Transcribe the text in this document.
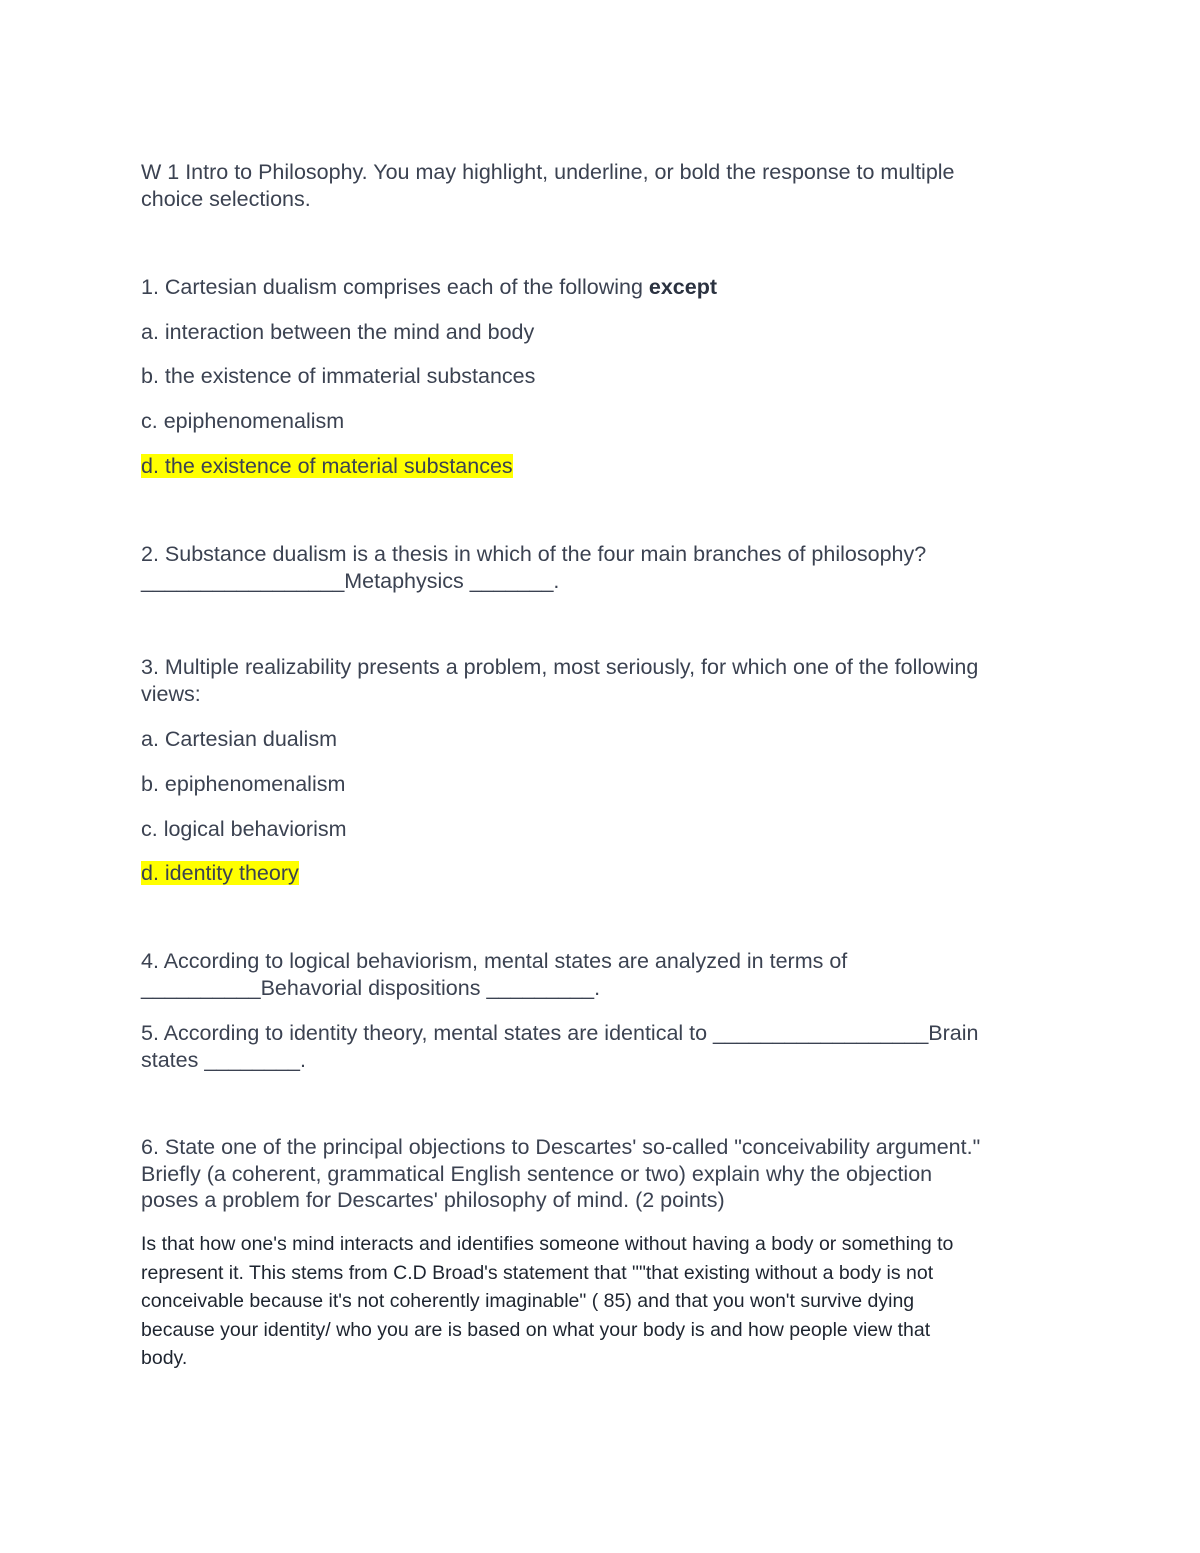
W 1 Intro to Philosophy. You may highlight, underline, or bold the response to multiple
choice selections.
1. Cartesian dualism comprises each of the following except
a. interaction between the mind and body
b. the existence of immaterial substances
c. epiphenomenalism
d. the existence of material substances
2. Substance dualism is a thesis in which of the four main branches of philosophy?
_________________Metaphysics _______.
3. Multiple realizability presents a problem, most seriously, for which one of the following
views:
a. Cartesian dualism
b. epiphenomenalism
c. logical behaviorism
d. identity theory
4. According to logical behaviorism, mental states are analyzed in terms of
__________Behavorial dispositions _________.
5. According to identity theory, mental states are identical to __________________Brain
states ________.
6. State one of the principal objections to Descartes' so-called "conceivability argument."
Briefly (a coherent, grammatical English sentence or two) explain why the objection
poses a problem for Descartes' philosophy of mind. (2 points)
Is that how one's mind interacts and identifies someone without having a body or something to
represent it. This stems from C.D Broad's statement that ""that existing without a body is not
conceivable because it's not coherently imaginable" ( 85) and that you won't survive dying
because your identity/ who you are is based on what your body is and how people view that
body.
